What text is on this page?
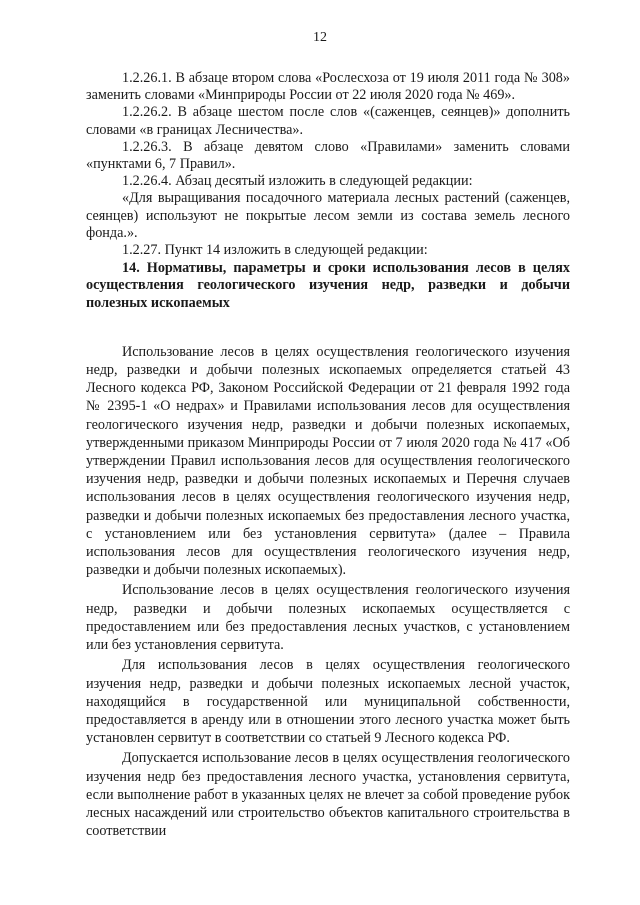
12

1.2.26.1. В абзаце втором слова «Рослесхоза от 19 июля 2011 года № 308» заменить словами «Минприроды России от 22 июля 2020 года № 469».

1.2.26.2. В абзаце шестом после слов «(саженцев, сеянцев)» дополнить словами «в границах Лесничества».

1.2.26.3. В абзаце девятом слово «Правилами» заменить словами «пунктами 6, 7 Правил».

1.2.26.4. Абзац десятый изложить в следующей редакции:

«Для выращивания посадочного материала лесных растений (саженцев, сеянцев) используют не покрытые лесом земли из состава земель лесного фонда.».

1.2.27. Пункт 14 изложить в следующей редакции:

14. Нормативы, параметры и сроки использования лесов в целях осуществления геологического изучения недр, разведки и добычи полезных ископаемых

Использование лесов в целях осуществления геологического изучения недр, разведки и добычи полезных ископаемых определяется статьей 43 Лесного кодекса РФ, Законом Российской Федерации от 21 февраля 1992 года № 2395-1 «О недрах» и Правилами использования лесов для осуществления геологического изучения недр, разведки и добычи полезных ископаемых, утвержденными приказом Минприроды России от 7 июля 2020 года № 417 «Об утверждении Правил использования лесов для осуществления геологического изучения недр, разведки и добычи полезных ископаемых и Перечня случаев использования лесов в целях осуществления геологического изучения недр, разведки и добычи полезных ископаемых без предоставления лесного участка, с установлением или без установления сервитута» (далее – Правила использования лесов для осуществления геологического изучения недр, разведки и добычи полезных ископаемых).

Использование лесов в целях осуществления геологического изучения недр, разведки и добычи полезных ископаемых осуществляется с предоставлением или без предоставления лесных участков, с установлением или без установления сервитута.

Для использования лесов в целях осуществления геологического изучения недр, разведки и добычи полезных ископаемых лесной участок, находящийся в государственной или муниципальной собственности, предоставляется в аренду или в отношении этого лесного участка может быть установлен сервитут в соответствии со статьей 9 Лесного кодекса РФ.

Допускается использование лесов в целях осуществления геологического изучения недр без предоставления лесного участка, установления сервитута, если выполнение работ в указанных целях не влечет за собой проведение рубок лесных насаждений или строительство объектов капитального строительства в соответствии
